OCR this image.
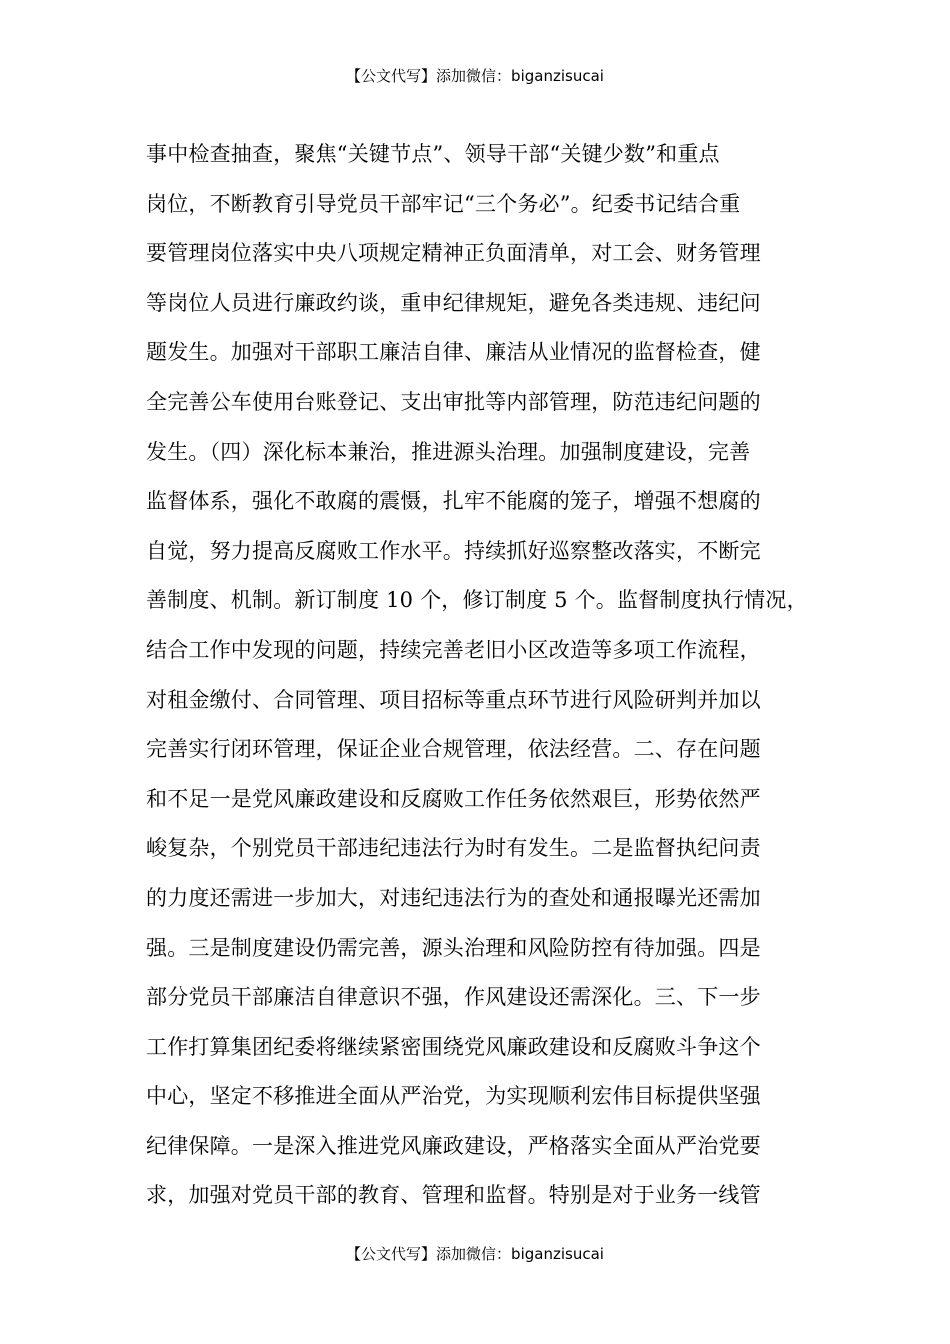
【公文代写】添加微信：biganzisucai
事中检查抽查，聚焦“关键节点”、领导干部“关键少数”和重点
岗位，不断教育引导党员干部牢记“三个务必”。纪委书记结合重
要管理岗位落实中央八项规定精神正负面清单，对工会、财务管理
等岗位人员进行廉政约谈，重申纪律规矩，避免各类违规、违纪问
题发生。加强对干部职工廉洁自律、廉洁从业情况的监督检查，健
全完善公车使用台账登记、支出审批等内部管理，防范违纪问题的
发生。（四）深化标本兼治，推进源头治理。加强制度建设，完善
监督体系，强化不敢腐的震慑，扎牢不能腐的笼子，增强不想腐的
自觉，努力提高反腐败工作水平。持续抓好巡察整改落实，不断完
善制度、机制。新订制度 10 个，修订制度 5 个。监督制度执行情况，
结合工作中发现的问题，持续完善老旧小区改造等多项工作流程，
对租金缴付、合同管理、项目招标等重点环节进行风险研判并加以
完善实行闭环管理，保证企业合规管理，依法经营。二、存在问题
和不足一是党风廉政建设和反腐败工作任务依然艰巨，形势依然严
峻复杂，个别党员干部违纪违法行为时有发生。二是监督执纪问责
的力度还需进一步加大，对违纪违法行为的查处和通报曝光还需加
强。三是制度建设仍需完善，源头治理和风险防控有待加强。四是
部分党员干部廉洁自律意识不强，作风建设还需深化。三、下一步
工作打算集团纪委将继续紧密围绕党风廉政建设和反腐败斗争这个
中心，坚定不移推进全面从严治党，为实现顺利宏伟目标提供坚强
纪律保障。一是深入推进党风廉政建设，严格落实全面从严治党要
求，加强对党员干部的教育、管理和监督。特别是对于业务一线管
【公文代写】添加微信：biganzisucai
